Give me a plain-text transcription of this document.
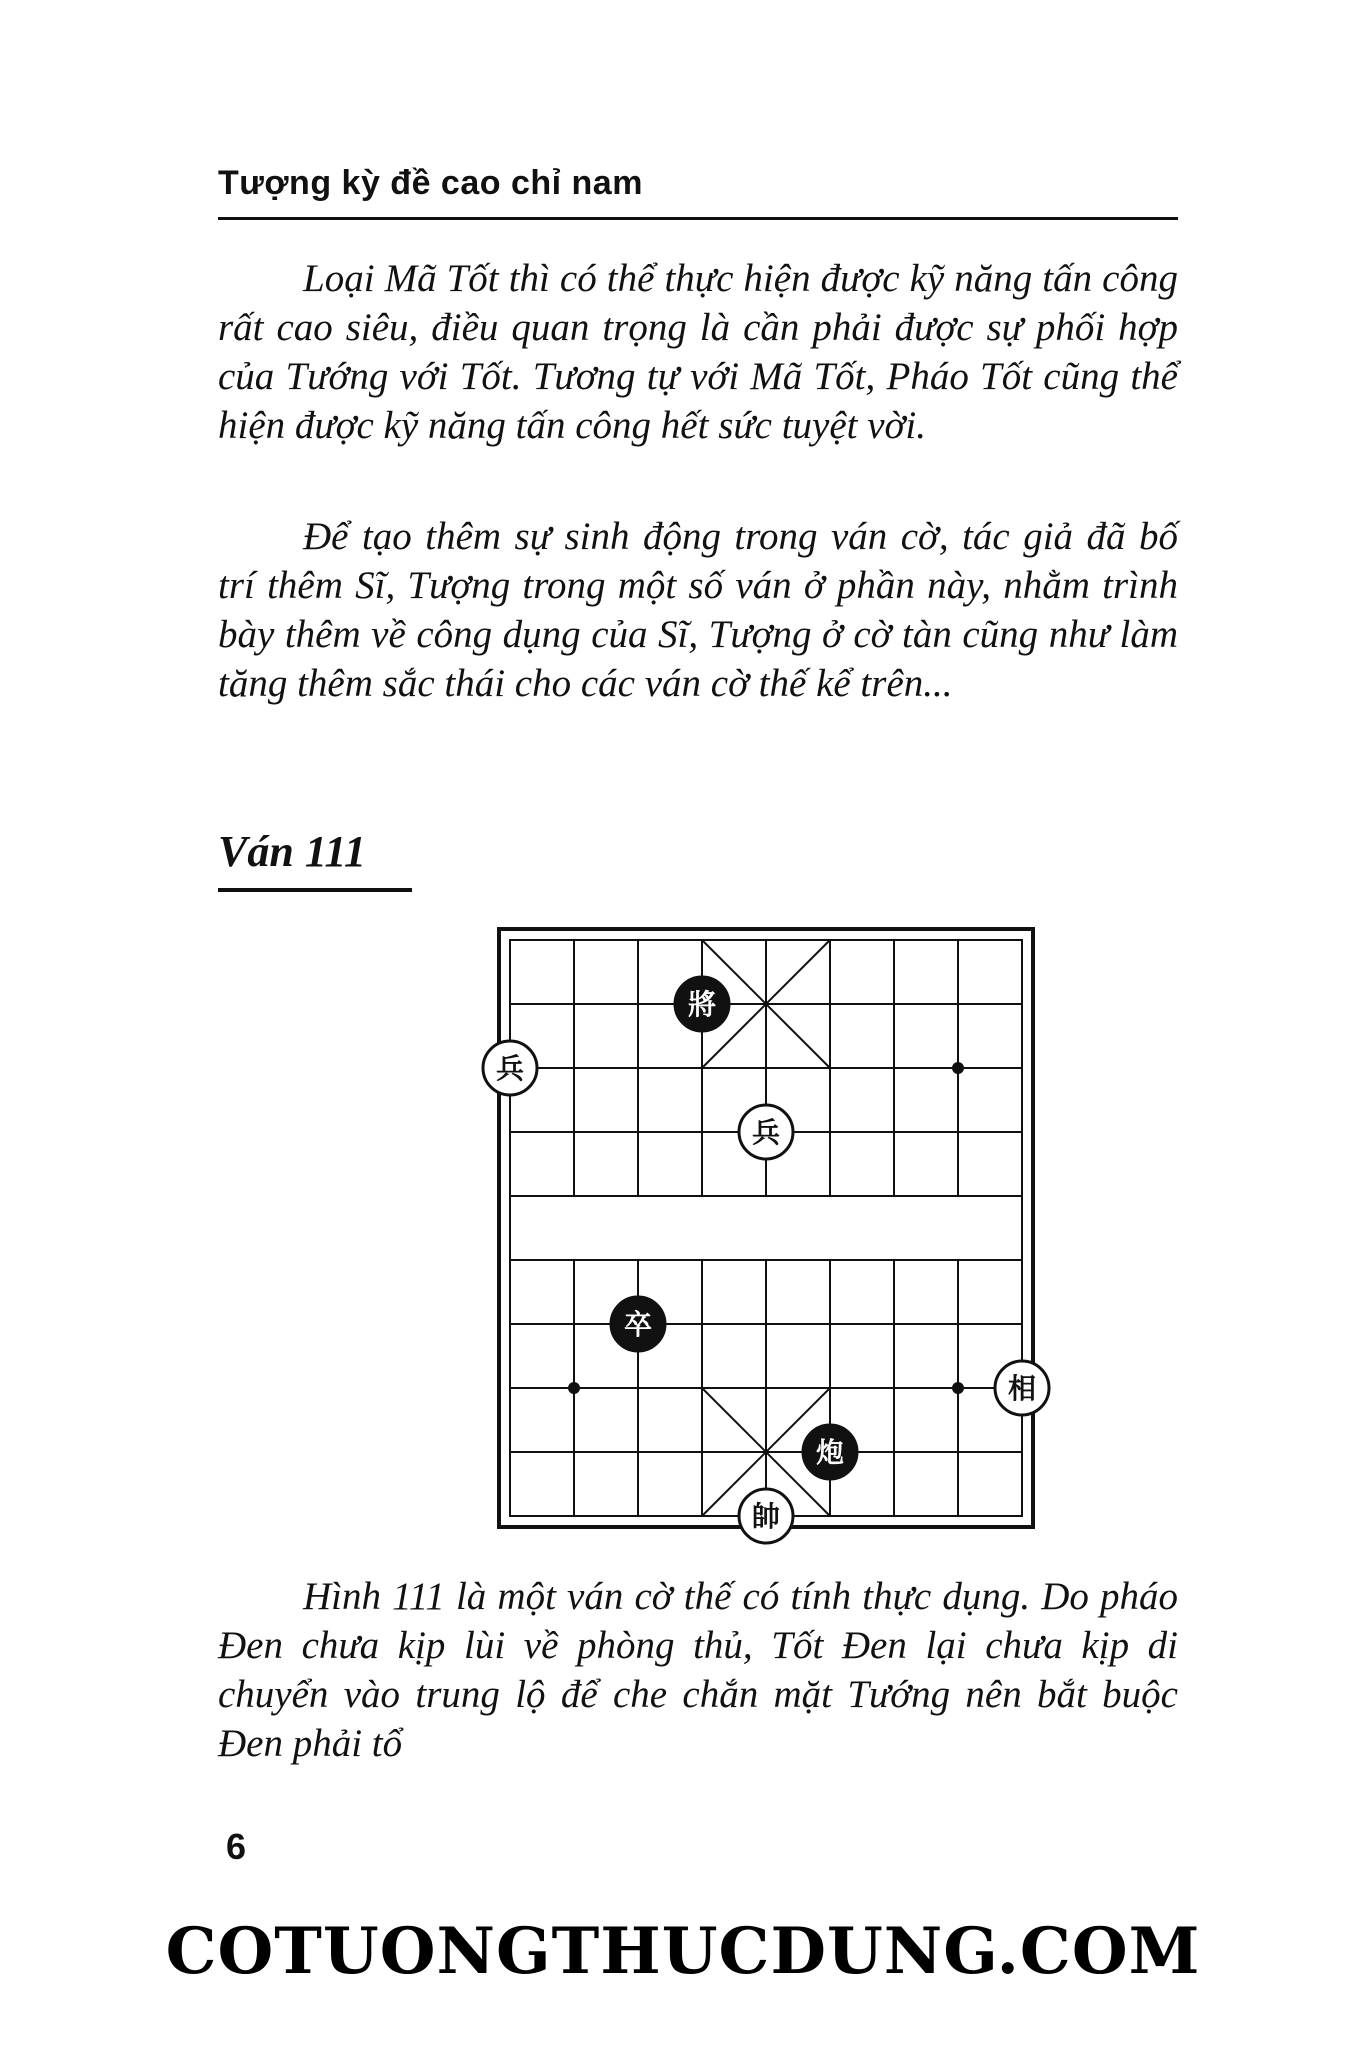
Tượng kỳ đề cao chỉ nam

Loại Mã Tốt thì có thể thực hiện được kỹ năng tấn công rất cao siêu, điều quan trọng là cần phải được sự phối hợp của Tướng với Tốt. Tương tự với Mã Tốt, Pháo Tốt cũng thể hiện được kỹ năng tấn công hết sức tuyệt vời.

Để tạo thêm sự sinh động trong ván cờ, tác giả đã bố trí thêm Sĩ, Tượng trong một số ván ở phần này, nhằm trình bày thêm về công dụng của Sĩ, Tượng ở cờ tàn cũng như làm tăng thêm sắc thái cho các ván cờ thế kể trên...

Ván 111
將
兵
兵
卒
相
炮
帥

Hình 111 là một ván cờ thế có tính thực dụng. Do pháo Đen chưa kịp lùi về phòng thủ, Tốt Đen lại chưa kịp di chuyển vào trung lộ để che chắn mặt Tướng nên bắt buộc Đen phải tổ

6
COTUONGTHUCDUNG.COM
